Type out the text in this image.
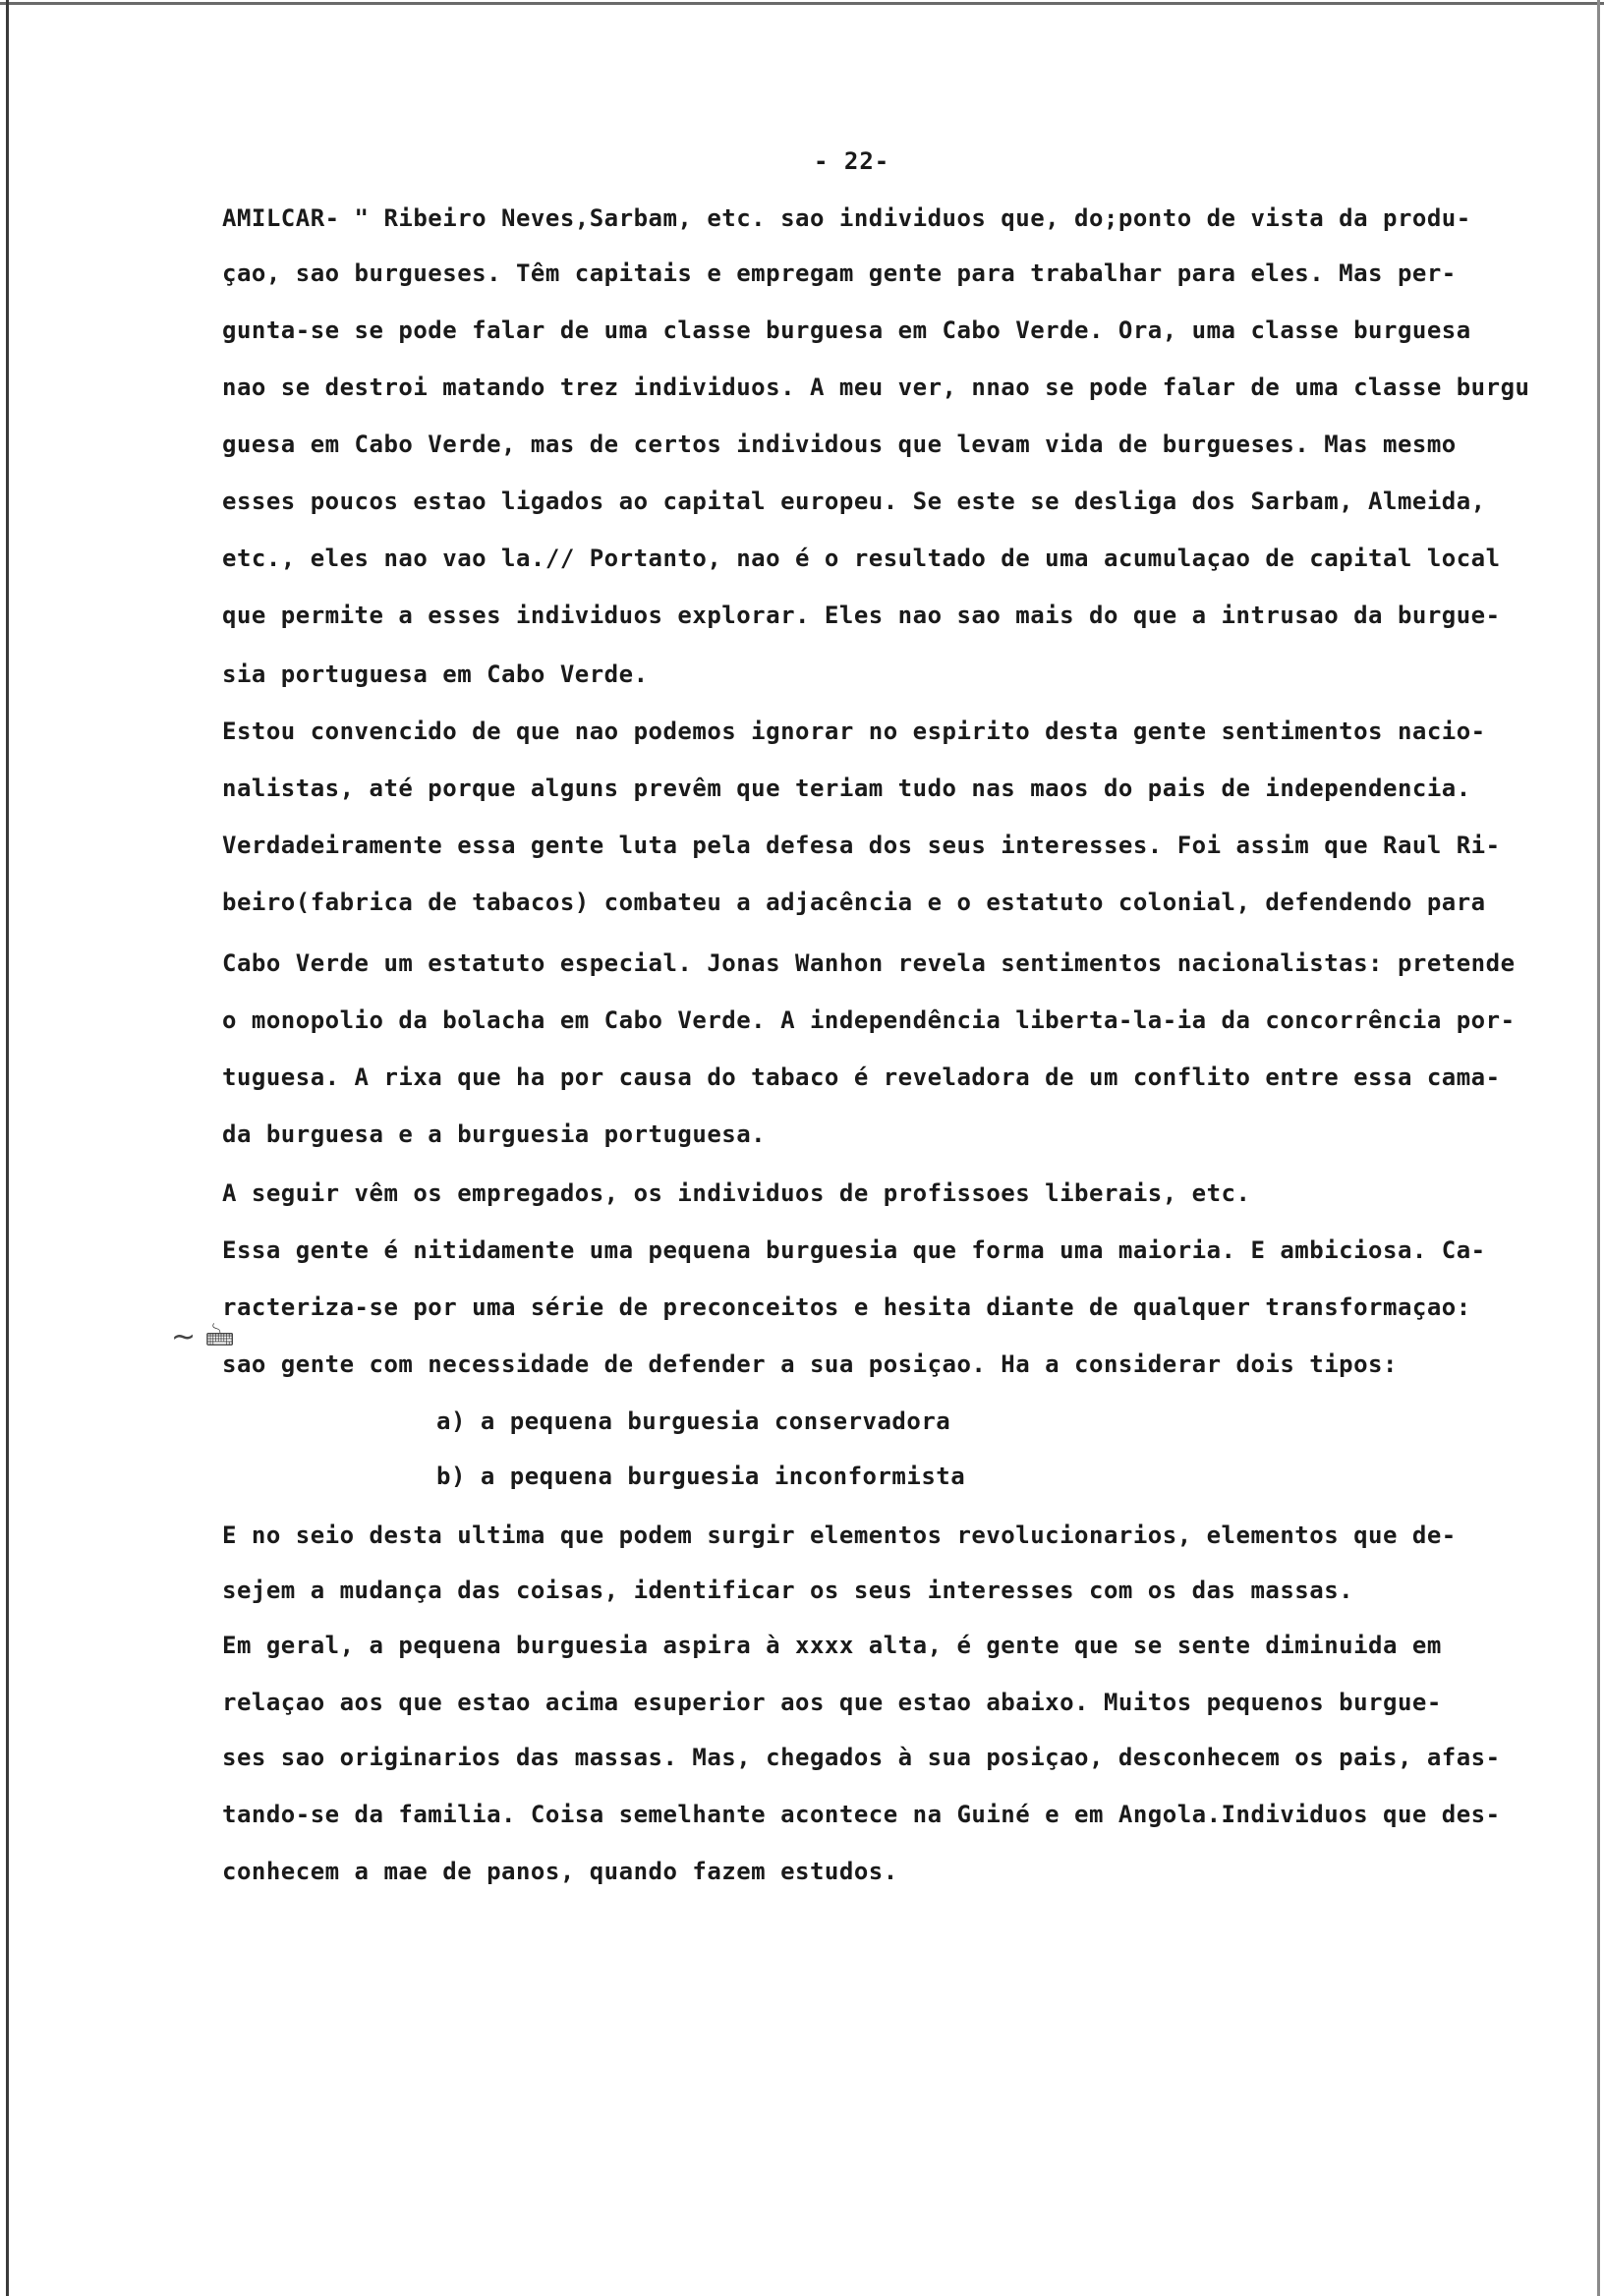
- 22-
AMILCAR- " Ribeiro Neves,Sarbam, etc. sao individuos que, do;ponto de vista da produ-
çao, sao burgueses. Têm capitais e empregam gente para trabalhar para eles. Mas per-
gunta-se se pode falar de uma classe burguesa em Cabo Verde. Ora, uma classe burguesa
nao se destroi matando trez individuos. A meu ver, nnao se pode falar de uma classe burgu
guesa em Cabo Verde, mas de certos individous que levam vida de burgueses. Mas mesmo
esses poucos estao ligados ao capital europeu. Se este se desliga dos Sarbam, Almeida,
etc., eles nao vao la.// Portanto, nao é o resultado de uma acumulaçao de capital local
que permite a esses individuos explorar. Eles nao sao mais do que a intrusao da burgue-
sia portuguesa em Cabo Verde.
Estou convencido de que nao podemos ignorar no espirito desta gente sentimentos nacio-
nalistas, até porque alguns prevêm que teriam tudo nas maos do pais de independencia.
Verdadeiramente essa gente luta pela defesa dos seus interesses. Foi assim que Raul Ri-
beiro(fabrica de tabacos) combateu a adjacência e o estatuto colonial, defendendo para
Cabo Verde um estatuto especial. Jonas Wanhon revela sentimentos nacionalistas: pretende
o monopolio da bolacha em Cabo Verde. A independência liberta-la-ia da concorrência por-
tuguesa. A rixa que ha por causa do tabaco é reveladora de um conflito entre essa cama-
da burguesa e a burguesia portuguesa.
~ 🖮
A seguir vêm os empregados, os individuos de profissoes liberais, etc.
Essa gente é nitidamente uma pequena burguesia que forma uma maioria. E ambiciosa. Ca-
racteriza-se por uma série de preconceitos e hesita diante de qualquer transformaçao:
sao gente com necessidade de defender a sua posiçao. Ha a considerar dois tipos:
a) a pequena burguesia conservadora
b) a pequena burguesia inconformista
E no seio desta ultima que podem surgir elementos revolucionarios, elementos que de-
sejem a mudança das coisas, identificar os seus interesses com os das massas.
Em geral, a pequena burguesia aspira à xxxx alta, é gente que se sente diminuida em
relaçao aos que estao acima esuperior aos que estao abaixo. Muitos pequenos burgue-
ses sao originarios das massas. Mas, chegados à sua posiçao, desconhecem os pais, afas-
tando-se da familia. Coisa semelhante acontece na Guiné e em Angola.Individuos que des-
conhecem a mae de panos, quando fazem estudos.
